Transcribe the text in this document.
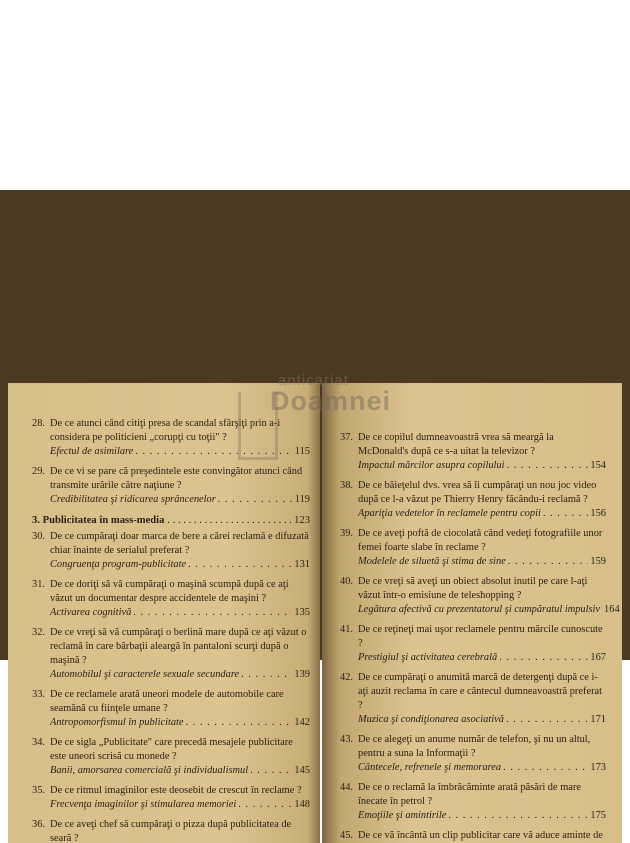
28. De ce atunci când citiţi presa de scandal sfârşiţi prin a-i considera pe politicieni „corupţi cu toţii" ?
Efectul de asimilare . . .	115
29. De ce vi se pare că preşedintele este convingător atunci când transmite urările către naţiune ?
Credibilitatea şi ridicarea sprâncenelor . . .	119
3. Publicitatea în mass-media . . .	123
30. De ce cumpăraţi doar marca de bere a cărei reclamă e difuzată chiar înainte de serialul preferat ?
Congruenţa program-publicitate . . .	131
31. De ce doriţi să vă cumpăraţi o maşină scumpă după ce aţi văzut un documentar despre accidentele de maşini ?
Activarea cognitivă . . .	135
32. De ce vreţi să vă cumpăraţi o berlină mare după ce aţi văzut o reclamă în care bărbaţii aleargă în pantaloni scurţi după o maşină ?
Automobilul şi caracterele sexuale secundare . . .	139
33. De ce reclamele arată uneori modele de automobile care seamănă cu fiinţele umane ?
Antropomorfismul în publicitate . . .	142
34. De ce sigla „Publicitate" care precedă mesajele publicitare este uneori scrisă cu monede ?
Banii, amorsarea comercială şi individualismul . . .	145
35. De ce ritmul imaginilor este deosebit de crescut în reclame ?
Frecvenţa imaginilor şi stimularea memoriei . . .	148
36. De ce aveţi chef să cumpăraţi o pizza după publicitatea de seară ?
37. De ce copilul dumneavoastră vrea să meargă la McDonald's după ce s-a uitat la televizor ?
Impactul mărcilor asupra copilului . . .	154
38. De ce băieţelul dvs. vrea să îi cumpăraţi un nou joc video după ce l-a văzut pe Thierry Henry făcându-i reclamă ?
Apariţia vedetelor în reclamele pentru copii . . .	156
39. De ce aveţi poftă de ciocolată când vedeţi fotografiile unor femei foarte slabe în reclame ?
Modelele de siluetă şi stima de sine . . .	159
40. De ce vreţi să aveţi un obiect absolut inutil pe care l-aţi văzut într-o emisiune de teleshopping ?
Legătura afectivă cu prezentatorul şi cumpăratul impulsiv 164
41. De ce reţineţi mai uşor reclamele pentru mărcile cunoscute ?
Prestigiul şi activitatea cerebrală . . .	167
42. De ce cumpăraţi o anumită marcă de detergenţi după ce i-aţi auzit reclama în care e cântecul dumneavoastră preferat ?
Muzica şi condiţionarea asociativă . . .	171
43. De ce alegeţi un anume număr de telefon, şi nu un altul, pentru a suna la Informaţii ?
Cântecele, refrenele şi memorarea . . .	173
44. De ce o reclamă la îmbrăcăminte arată păsări de mare înecate în petrol ?
Emoţiile şi amintirile . . .	175
45. De ce vă încântă un clip publicitar care vă aduce aminte de
anticariat
Doamnei
